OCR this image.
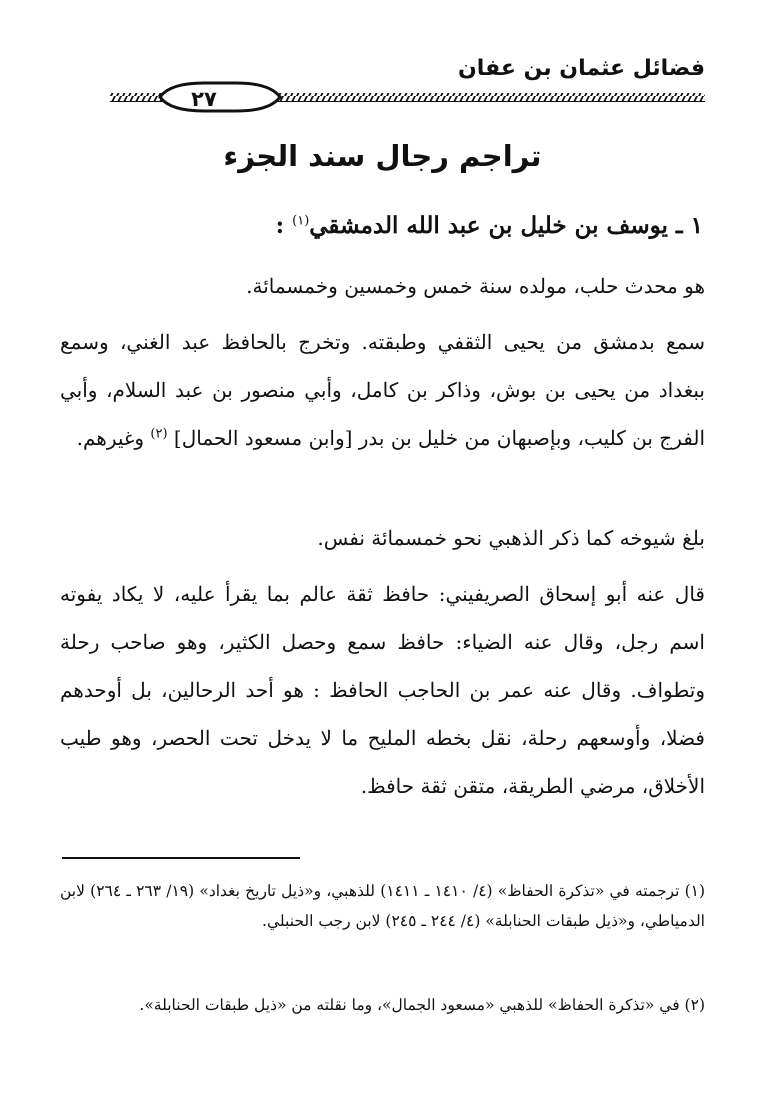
فضائل عثمان بن عفان
٢٧
تراجم رجال سند الجزء
١ ـ يوسف بن خليل بن عبد الله الدمشقي$^{(١)}$ :

هو محدث حلب، مولده سنة خمس وخمسين وخمسمائة.

سمع بدمشق من يحيى الثقفي وطبقته. وتخرج بالحافظ عبد الغني، وسمع ببغداد من يحيى بن بوش، وذاكر بن كامل، وأبي منصور بن عبد السلام، وأبي الفرج بن كليب، وبإصبهان من خليل بن بدر [وابن مسعود الحمال] $^{(٢)}$ وغيرهم.

بلغ شيوخه كما ذكر الذهبي نحو خمسمائة نفس.

قال عنه أبو إسحاق الصريفيني: حافظ ثقة عالم بما يقرأ عليه، لا يكاد يفوته اسم رجل، وقال عنه الضياء: حافظ سمع وحصل الكثير، وهو صاحب رحلة وتطواف. وقال عنه عمر بن الحاجب الحافظ : هو أحد الرحالين، بل أوحدهم فضلا، وأوسعهم رحلة، نقل بخطه المليح ما لا يدخل تحت الحصر، وهو طيب الأخلاق، مرضي الطريقة، متقن ثقة حافظ.

(١) ترجمته في «تذكرة الحفاظ» (٤/ ١٤١٠ ـ ١٤١١) للذهبي، و«ذيل تاريخ بغداد» (١٩/ ٢٦٣ ـ ٢٦٤) لابن الدمياطي، و«ذيل طبقات الحنابلة» (٤/ ٢٤٤ ـ ٢٤٥) لابن رجب الحنبلي.

(٢) في «تذكرة الحفاظ» للذهبي «مسعود الجمال»، وما نقلته من «ذيل طبقات الحنابلة».
